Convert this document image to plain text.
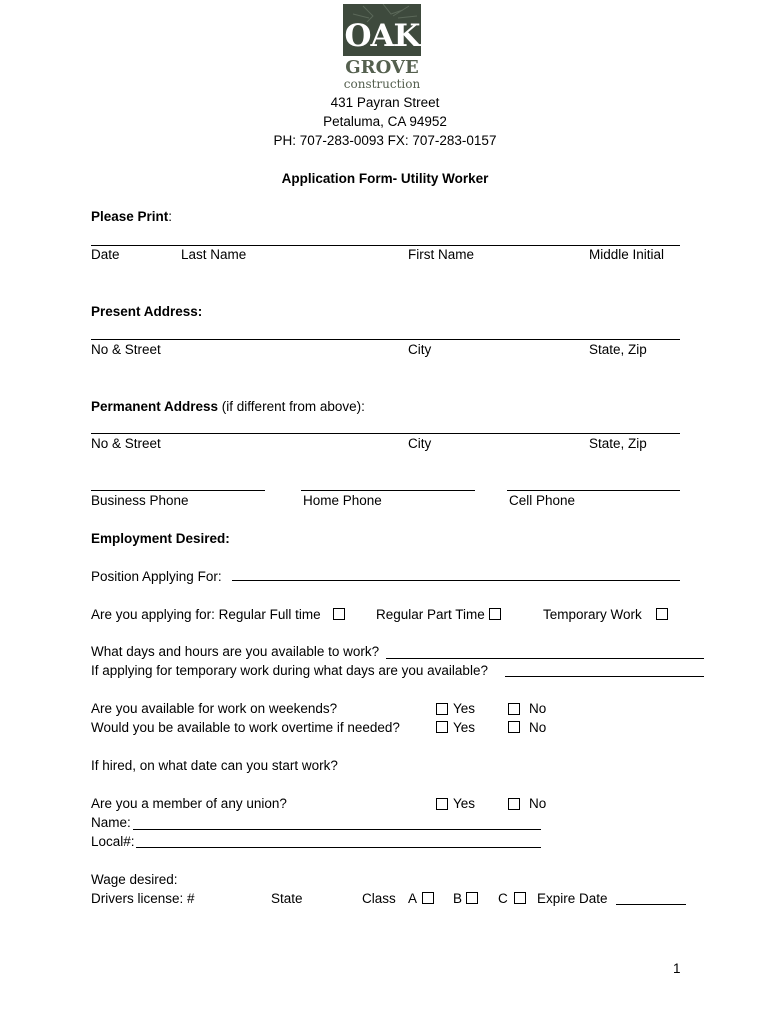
OAK
GROVE
construction
431 Payran Street
Petaluma, CA 94952
PH: 707-283-0093 FX: 707-283-0157
Application Form- Utility Worker
Please Print:
Date	Last Name	First Name	Middle Initial
Present Address:
No & Street	City	State, Zip
Permanent Address (if different from above):
No & Street	City	State, Zip
Business Phone	Home Phone	Cell Phone
Employment Desired:
Position Applying For:
Are you applying for: Regular Full time	Regular Part Time	Temporary Work
What days and hours are you available to work?
If applying for temporary work during what days are you available?
Are you available for work on weekends?	Yes	No
Would you be available to work overtime if needed?	Yes	No
If hired, on what date can you start work?
Are you a member of any union?	Yes	No
Name:
Local#:
Wage desired:
Drivers license: #	State	Class A	B	C Expire Date
1
